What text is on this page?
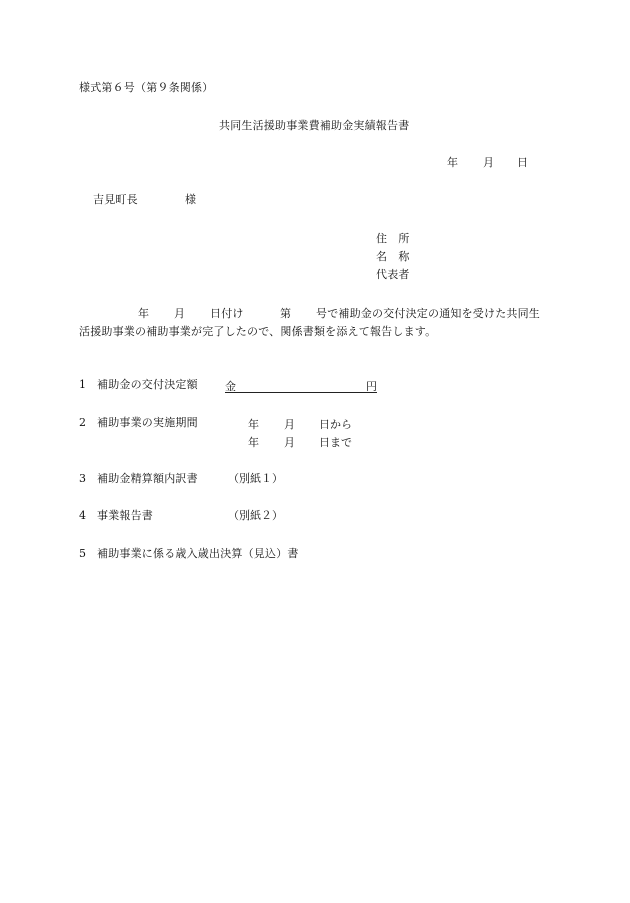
様式第６号（第９条関係）
共同生活援助事業費補助金実績報告書
年 月 日
吉見町長	様
住　所
名　称
代表者
年 月 日付け	第 号で補助金の交付決定の通知を受けた共同生
活援助事業の補助事業が完了したので、関係書類を添えて報告します。
1 補助金の交付決定額 金	円
2 補助事業の実施期間	年 月 日から
年 月 日まで
3 補助金精算額内訳書	（別紙１）
4 事業報告書	（別紙２）
5 補助事業に係る歳入歳出決算（見込）書
